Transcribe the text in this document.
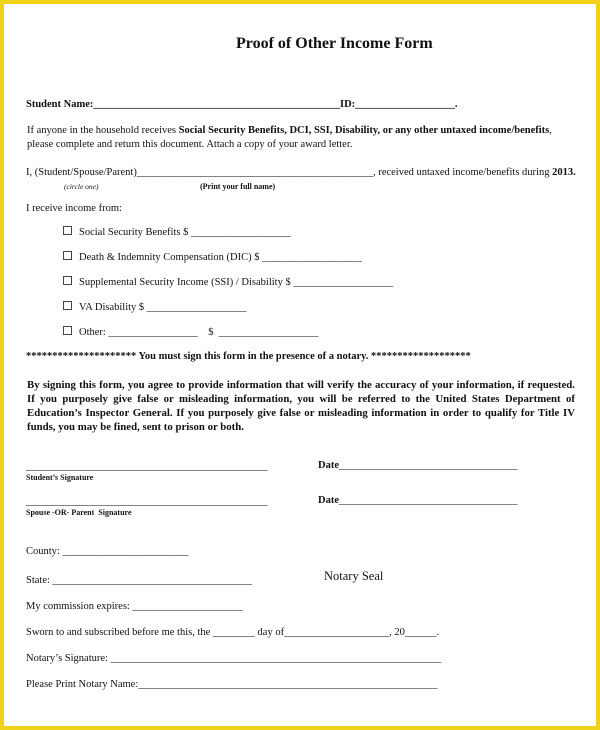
Proof of Other Income Form
Student Name:_______________________________________________ ID:___________________.
If anyone in the household receives Social Security Benefits, DCI, SSI, Disability, or any other untaxed income/benefits, please complete and return this document. Attach a copy of your award letter.
I, (Student/Spouse/Parent)_____________________________________________, received untaxed income/benefits during 2013.
(circle one)	(Print your full name)
I receive income from:
Social Security Benefits $ ___________________
Death & Indemnity Compensation (DIC) $ ___________________
Supplemental Security Income (SSI) / Disability $ ___________________
VA Disability $ ___________________
Other: _________________    $  ___________________
********************* You must sign this form in the presence of a notary. *******************
By signing this form, you agree to provide information that will verify the accuracy of your information, if requested. If you purposely give false or misleading information, you will be referred to the United States Department of Education’s Inspector General. If you purposely give false or misleading information in order to qualify for Title IV funds, you may be fined, sent to prison or both.
______________________________________________
Student’s Signature
Date__________________________________
______________________________________________
Spouse -OR- Parent  Signature
Date__________________________________
County: ________________________
State: ______________________________________	Notary Seal
My commission expires: _____________________
Sworn to and subscribed before me this, the ________ day of____________________, 20______.
Notary’s Signature: _______________________________________________________________
Please Print Notary Name:_________________________________________________________
